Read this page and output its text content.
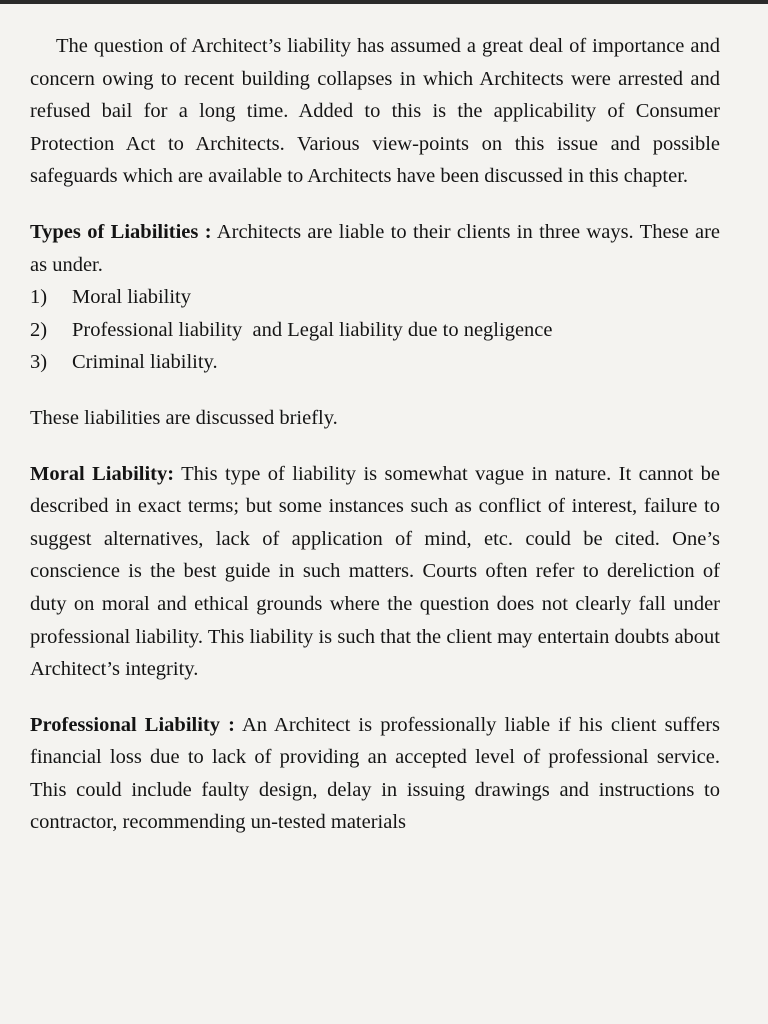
The question of Architect’s liability has assumed a great deal of importance and concern owing to recent building collapses in which Architects were arrested and refused bail for a long time. Added to this is the applicability of Consumer Protection Act to Architects. Various view-points on this issue and possible safeguards which are available to Architects have been discussed in this chapter.

Types of Liabilities : Architects are liable to their clients in three ways. These are as under.

1)	Moral liability
2)	Professional liability  and Legal liability due to negligence
3)	Criminal liability.

These liabilities are discussed briefly.

Moral Liability: This type of liability is somewhat vague in nature. It cannot be described in exact terms; but some instances such as conflict of interest, failure to suggest alternatives, lack of application of mind, etc. could be cited. One’s conscience is the best guide in such matters. Courts often refer to dereliction of duty on moral and ethical grounds where the question does not clearly fall under professional liability. This liability is such that the client may entertain doubts about Architect’s integrity.

Professional Liability : An Architect is professionally liable if his client suffers financial loss due to lack of providing an accepted level of professional service. This could include faulty design, delay in issuing drawings and instructions to contractor, recommending un-tested materials
